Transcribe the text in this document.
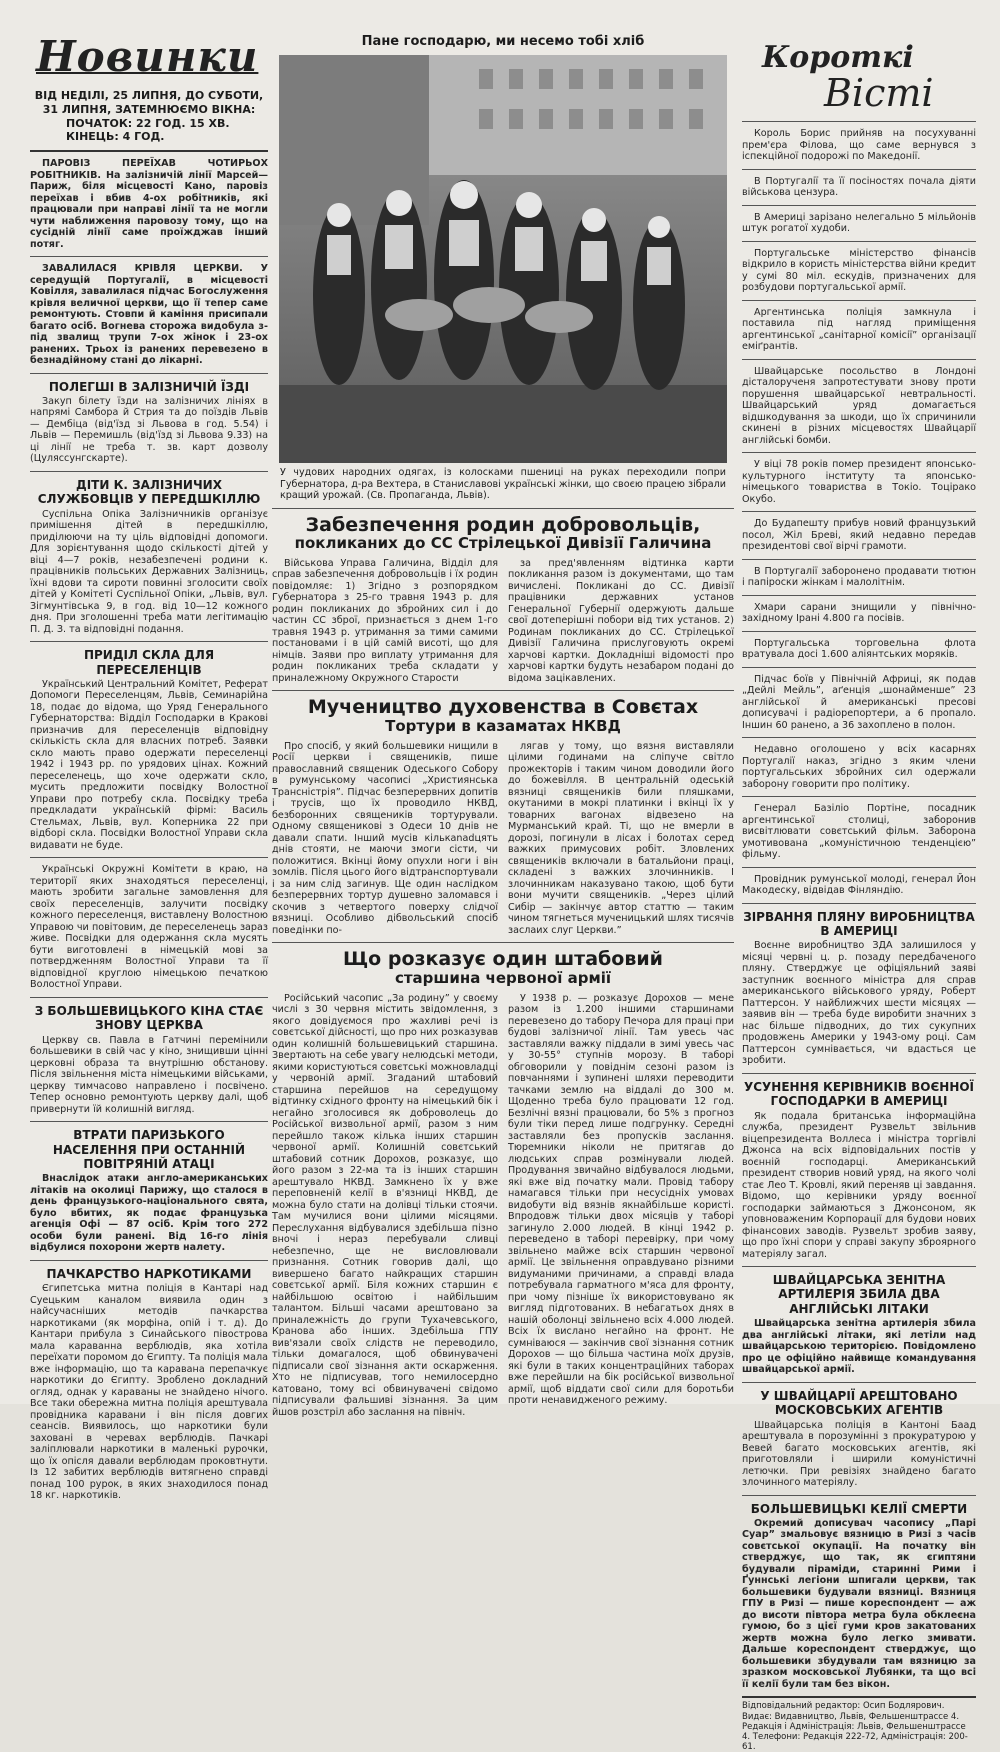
Новинки
ВІД НЕДІЛІ, 25 ЛИПНЯ, ДО СУБОТИ, 31 ЛИПНЯ, ЗАТЕМНЮЄМО ВІКНА:

ПОЧАТОК: 22 ГОД. 15 ХВ.
КІНЕЦЬ: 4 ГОД.

ПАРОВІЗ ПЕРЕЇХАВ ЧОТИРЬОХ РОБІТНИКІВ. На залізничій лінії Марсей—Париж, біля місцевості Кано, паровіз переїхав і вбив 4-ох робітників, які працювали при направі лінії та не могли чути наближення паровозу тому, що на сусідній лінії саме проїжджав інший потяг.

ЗАВАЛИЛАСЯ КРІВЛЯ ЦЕРКВИ. У середущій Португалії, в місцевості Ковілля, завалилася підчас Богослуження крівля величної церкви, що її тепер саме ремонтують. Стовпи й каміння присипали багато осіб. Вогнева сторожа видобула з-під звалищ трупи 7-ох жінок і 23-ох ранених. Трьох із ранених перевезено в безнадійному стані до лікарні.

ПОЛЕГШІ В ЗАЛІЗНИЧІЙ ЇЗДІ

Закуп білету їзди на залізничих лініях в напрямі Самбора й Стрия та до поїздів Львів — Дембіца (від'їзд зі Львова в год. 5.54) і Львів — Перемишль (від'їзд зі Львова 9.33) на ці лінії не треба т. зв. карт дозволу (Цуляссунгскарте).

ДІТИ К. ЗАЛІЗНИЧИХ СЛУЖБОВЦІВ У ПЕРЕДШКІЛЛЮ

Суспільна Опіка Залізничників організує примішення дітей в передшкіллю, приділюючи на ту ціль відповідні допомоги. Для зорієнтування щодо скількості дітей у віці 4—7 років, незабезпечені родини к. працівників польських Державних Залізниць, їхні вдови та сироти повинні зголосити своїх дітей у Комітеті Суспільної Опіки, „Львів, вул. Зігмунтівська 9, в год. від 10—12 кожного дня. При зголошенні треба мати легітимацію П. Д. З. та відповідні подання.

ПРИДІЛ СКЛА ДЛЯ ПЕРЕСЕЛЕНЦІВ

Український Центральний Комітет, Реферат Допомоги Переселенцям, Львів, Семинарійна 18, подає до відома, що Уряд Генерального Губернаторства: Відділ Господарки в Кракові призначив для переселенців відповідну скількість скла для власних потреб. Заявки скло мають право одержати переселенці 1942 і 1943 рр. по урядових цінах. Кожний переселенець, що хоче одержати скло, мусить предложити посвідку Волостної Управи про потребу скла. Посвідку треба предкладати українській фірмі: Василь Стельмах, Львів, вул. Коперника 22 при відборі скла. Посвідки Волостної Управи скла видавати не буде.

Українські Окружні Комітети в краю, на території яких знаходяться переселенці, мають зробити загальне замовлення для своїх переселенців, залучити посвідку кожного переселенця, виставлену Волостною Управою чи повітовим, де переселенець зараз живе. Посвідки для одержання скла мусять бути виготовлені в німецькій мові за потвердженням Волостної Управи та її відповідної круглою німецькою печаткою Волостної Управи.

З БОЛЬШЕВИЦЬКОГО КІНА СТАЄ ЗНОВУ ЦЕРКВА

Церкву св. Павла в Гатчині перемінили большевики в свій час у кіно, знищивши цінні церковні образа та внутрішню обстанову. Після звільнення міста німецькими військами, церкву тимчасово направлено і посвічено. Тепер основно ремонтують церкву далі, щоб привернути їй колишній вигляд.

ВТРАТИ ПАРИЗЬКОГО НАСЕЛЕННЯ ПРИ ОСТАННІЙ ПОВІТРЯНІЙ АТАЦІ

Внаслідок атаки англо-американських літаків на околиці Парижу, що сталося в день французького-національного свята, було вбитих, як подає французька агенція Офі — 87 осіб. Крім того 272 особи були ранені. Від 16-го лінія відбулися похорони жертв налету.

ПАЧКАРСТВО НАРКОТИКАМИ

Єгипетська митна поліція в Кантарі над Суецьким каналом виявила один з найсучасніших методів пачкарства наркотиками (як морфіна, опій і т. д). До Кантари прибула з Синайського півострова мала караванна верблюдів, яка хотіла переїхати поромом до Єгипту. Та поліція мала вже інформацію, що та каравана перепачкує наркотики до Єгипту. Зроблено докладний огляд, однак у караваны не знайдено нічого. Все таки обережна митна поліція арештувала провідника каравани і він після довгих сеансів. Виявилось, що наркотики були заховані в черевах верблюдів. Пачкарі заліплювали наркотики в маленькі рурочки, що їх опісля давали верблюдам проковтнути. Із 12 забитих верблюдів витягнено справді понад 100 рурок, в яких знаходилося понад 18 кг. наркотиків.

Пане господарю, ми несемо тобі хліб
У чудових народних одягах, із колосками пшениці на руках переходили попри Губернатора, д-ра Вехтера, в Станиславові українські жінки, що своєю працею зібрали кращий урожай. (Св. Пропаганда, Львів).
Забезпечення родин добровольців,
покликаних до СС Стрілецької Дивізії Галичина

Військова Управа Галичина, Відділ для справ забезпечення добровольців і їх родин повідомляє: 1) Згідно з розпорядком Губернатора з 25-го травня 1943 р. для родин покликаних до збройних сил і до частин СС зброї, признається з днем 1-го травня 1943 р. утримання за тими самими постановами і в цій самій висоті, що для німців. Заяви про виплату утримання для родин покликаних треба складати у приналежному Окружного Старости

за пред'явленням відтинка карти покликання разом із документами, що там вичислені. Покликані до СС. Дивізії працівники державних установ Генеральної Губернії одержують дальше свої дотеперішні побори від тих установ. 2) Родинам покликаних до СС. Стрілецької Дивізії Галичина прислуговують окремі харчові картки. Докладніші відомості про харчові картки будуть незабаром подані до відома зацікавлених.

Мучеництво духовенства в Совєтах
Тортури в казаматах НКВД

Про спосіб, у який большевики нищили в Росії церкви і священиків, пише православний священик Одеського Собору в румунському часописі „Християнська Трансністрія”. Підчас безперервних допитів і трусів, що їх проводило НКВД, безборонних священиків тортурували. Одному священикові з Одеси 10 днів не давали спати. Інший мусів кількаnadцять днів стояти, не маючи змоги сісти, чи положитися. Вкінці йому опухли ноги і він зомлів. Після цього його відтранспортували і за ним слід загинув. Ще один наслідком безперервних тортур душевно заломався і скочив з четвертого поверху слідчої вязниці. Особливо дібвольський спосіб поведінки по-

лягав у тому, що вязня виставляли цілими годинами на сліпуче світло прожекторів і таким чином доводили його до божевілля. В центральній одеській вязниці священиків били пляшками, окутаними в мокрі платинки і вкінці їх у товарних вагонах відвезено на Мурманський край. Ті, що не вмерли в дорозі, погинули в лісах і болотах серед важких примусових робіт. Зловлених священиків включали в батальйони праці, складені з важких злочинників. І злочинникам наказувано такою, щоб бути вони мучити священиків. „Через цілий Сибір — закінчує автор статтю — таким чином тягнеться мученицький шлях тисячів заслаих слуг Церкви.”

Що розказує один штабовий
старшина червоної армії

Російський часопис „За родину” у своєму числі з 30 червня містить звідомлення, з якого довідуємося про жахливі речі із совєтської дійсності, що про них розказував один колишній большевицький старшина. Звертають на себе увагу нелюдські методи, якими користуються совєтські можновладці у червоній армії. Згаданий штабовий старшина перейшов на середущому відтинку східного фронту на німецький бік і негайно зголосився як доброволець до Російської визвольної армії, разом з ним перейшло також кілька інших старшин червоної армії. Колишній совєтський штабовий сотник Дорохов, розказує, що його разом з 22-ма та із інших старшин арештувало НКВД. Замкнено їх у вже переповненій келії в в'язниці НКВД, де можна було стати на долівці тільки стоячи. Там мучилися вони цілими місяцями. Переслухання відбувалися здебільша пізно вночі і нераз перебували сливці небезпечно, ще не висловлювали признання. Сотник говорив далі, що вивершено багато найкращих старшин совєтської армії. Біля кожних старшин є найбільшою освітою і найбільшим талантом. Більші часами арештовано за приналежність до групи Тухачевського, Кранова або інших. Здебільша ГПУ вив'язали своїх слідств не переводило, тільки домагалося, щоб обвинувачені підписали свої зізнання акти оскарження. Хто не підписував, того немилосердно катовано, тому всі обвинувачені свідомо підписували фальшиві зізнання. За цим йшов розстріл або заслання на північ.

У 1938 р. — розказує Дорохов — мене разом із 1.200 іншими старшинами перевезено до табору Печора для праці при будові залізничої лінії. Там увесь час заставляли важку піддали в зимі увесь час у 30-55° ступнів морозу. В таборі обговорили у повіднім сезоні разом із повчаннями і зупинені шляхи переводити тачками землю на віддалі до 300 м. Щоденно треба було працювати 12 год. Безлічні вязні працювали, бо 5% з прогноз були тіки перед лише подгрунку. Середні заставляли без пропусків заслання. Тюремники ніколи не притягав до людських справ розмінували людей. Продування звичайно відбувалося людьми, які вже від початку мали. Провід табору намагався тільки при несусідніх умовах видобути від вязнів якнайбільше користі. Впродовж тільки двох місяців у таборі загинуло 2.000 людей. В кінці 1942 р. переведено в таборі перевірку, при чому звільнено майже всіх старшин червоної армії. Це звільнення оправдувано різними видуманими причинами, а справді влада потребувала гарматного м'яса для фронту, при чому пізніше їх використовувано як вигляд підготованих. В небагатьох днях в нашій оболонці звільнено всіх 4.000 людей. Всіх їх вислано негайно на фронт. Не сумніваюся — закінчив свої зізнання сотник Дорохов — що більша частина моїх друзів, які були в таких концентраційних таборах вже перейшли на бік російської визвольної армії, щоб віддати свої сили для боротьби проти ненавидженого режиму.

Короткі
Вісті

Король Борис прийняв на посухуванні прем'єра Філова, що саме вернувся з іспекційної подорожі по Македонії.

В Португалії та її посіностях почала діяти військова цензура.

В Америці зарізано нелегально 5 мільйонів штук рогатої худоби.

Португальське міністерство фінансів відкрило в користь міністерства війни кредит у сумі 80 міл. ескудів, призначених для розбудови португальської армії.

Аргентинська поліція замкнула і поставила під нагляд приміщення аргентинської „санітарної комісії” організації еміґрантів.

Швайцарське посольство в Лондоні дісталорученя запротестувати знову проти порушення швайцарської невтральності. Швайцарський уряд домагається відшкодування за шкоди, що їх спричинили скинені в різних місцевостях Швайцарії англійські бомби.

У віці 78 років помер президент японсько-культурного інституту та японсько-німецького товариства в Токіо. Тоцірако Окубо.

До Будапешту прибув новий французький посол, Жіл Бреві, який недавно передав президентові свої вірчі грамоти.

В Португалії заборонено продавати тютюн і папіроски жінкам і малолітнім.

Хмари сарани знищили у північно-західному Ірані 4.800 га посівів.

Португальська торговельна флота вратувала досі 1.600 аліянтських моряків.

Підчас боїв у Північній Африці, як подав „Дейлі Мейль”, аґенція „шонайменше” 23 англійської й американські пресові дописувачі і радіорепортери, а 6 пропало. Іншин 60 ранено, а 36 захоплено в полон.

Недавно оголошено у всіх касарнях Португалії наказ, згідно з яким члени португальських збройних сил одержали заборону говорити про політику.

Генерал Базіліо Портіне, посадник аргентинської столиці, заборонив висвітлювати совєтський фільм. Заборона умотивована „комуністичною тенденцією” фільму.

Провідник румунської молоді, генерал Йон Макодеску, відвідав Фінляндію.

ЗІРВАННЯ ПЛЯНУ ВИРОБНИЦТВА В АМЕРИЦІ

Воєнне виробництво ЗДА залишилося у місяці червні ц. р. позаду передбаченого пляну. Стверджує це офіціяльний заяві заступник воєнного міністра для справ американського військового уряду, Роберт Паттерсон. У найближчих шести місяцях — заявив він — треба буде виробити значних з нас більше підводних, до тих сукупних продовжень Америки у 1943-ому році. Сам Паттерсон сумнівається, чи вдасться це зробити.

УСУНЕННЯ КЕРІВНИКІВ ВОЄННОЇ ГОСПОДАРКИ В АМЕРИЦІ

Як подала британська інформаційна служба, президент Рузвельт звільнив віцепрезидента Воллеса і міністра торгівлі Джонса на всіх відповідальних постів у воєнній господарці. Американський президент створив новий уряд, на якого чолі стає Лео Т. Кровлі, який переняв ці завдання. Відомо, що керівники уряду воєнної господарки займаються з Джонсоном, як уповноваженим Корпорації для будови нових фінансових заводів. Рузвельт зробив заяву, що про їхні спори у справі закупу зброярного матеріялу загал.

ШВАЙЦАРСЬКА ЗЕНІТНА АРТИЛЕРІЯ ЗБИЛА ДВА АНГЛІЙСЬКІ ЛІТАКИ

Швайцарська зенітна артилерія збила два англійські літаки, які летіли над швайцарською територією. Повідомлено про це офіційно найвище командування швайцарської армії.

У ШВАЙЦАРІЇ АРЕШТОВАНО МОСКОВСЬКИХ АГЕНТІВ

Швайцарська поліція в Кантоні Баад арештувала в порозумінні з прокуратурою у Вевей багато московських агентів, які приготовляли і ширили комуністичні летючки. При ревізіях знайдено багато злочинного матеріялу.

БОЛЬШЕВИЦЬКІ КЕЛІЇ СМЕРТИ

Окремий дописувач часопису „Парі Суар” змальовує вязницю в Ризі з часів совєтської окупації. На початку він стверджує, що так, як єгиптяни будували піраміди, старинні Рими і Ґуннські легіони шпигали церкви, так большевики будували вязниці. Вязниця ГПУ в Ризі — пише кореспондент — аж до висоти півтора метра була обклеєна гумою, бо з цієї гуми кров закатованих жертв можна було легко змивати. Дальше кореспондент стверджує, що большевики збудували там вязницю за зразком московської Лубянки, та що всі її келії були там без вікон.

Відповідальний редактор: Осип Бодлярович. Видає: Видавництво, Львів, Фельшенштрассе 4. Редакція і Адміністрація: Львів, Фельшенштрассе 4. Телефони: Редакція 222-72, Адміністрація: 200-61.
